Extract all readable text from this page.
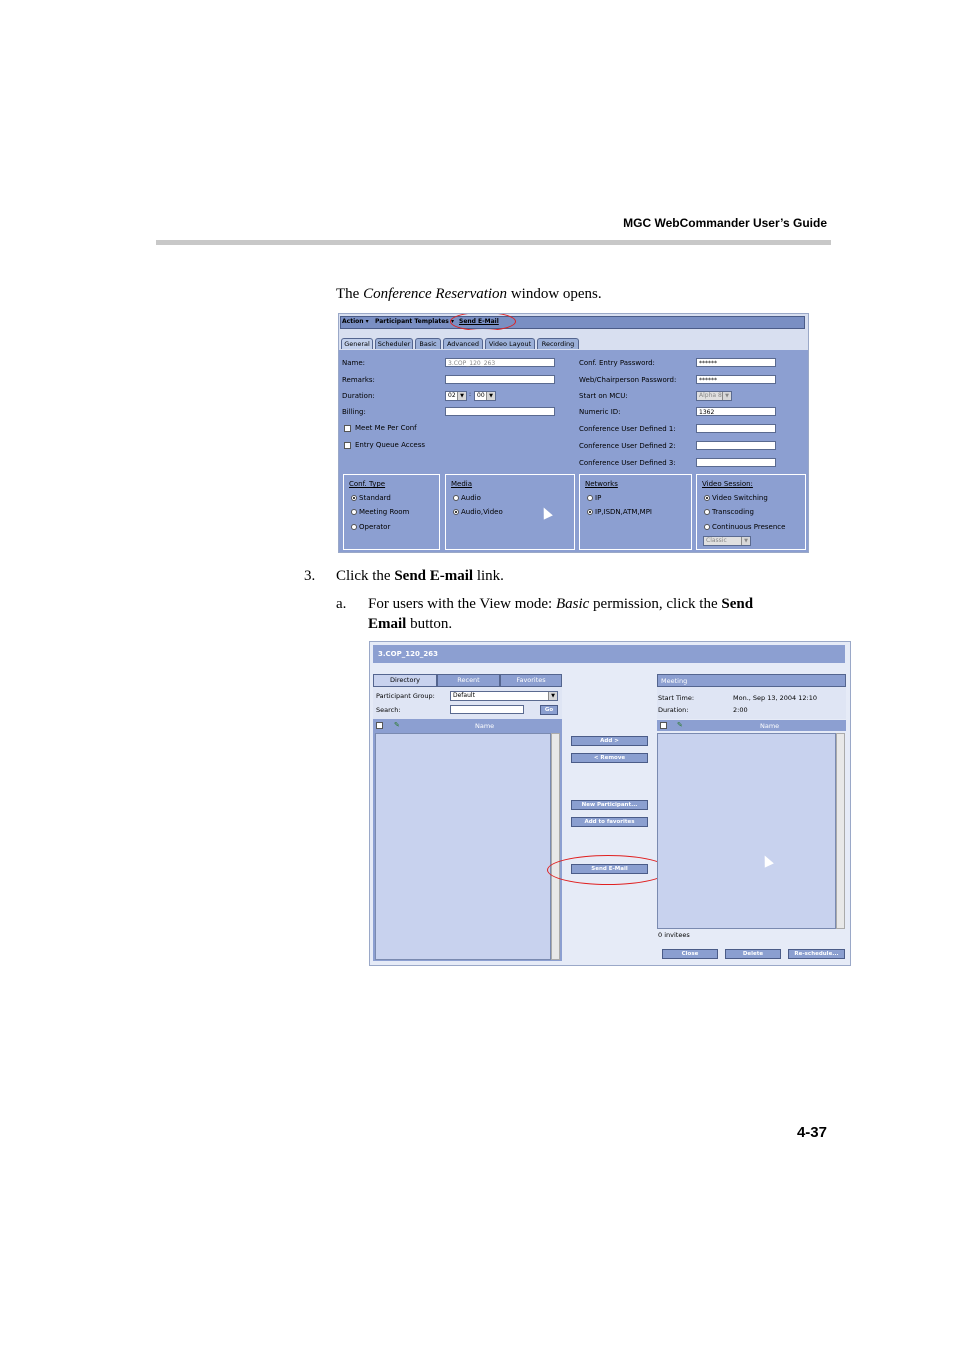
MGC WebCommander User’s Guide
The Conference Reservation window opens.
Action ▾ Participant Templates ▾ Send E-Mail
General	Scheduler	Basic	Advanced	Video Layout	Recording
Name:	3.COP_120_263
Remarks:
Duration:	02 ▼ : 00 ▼
Billing:
Meet Me Per Conf
Entry Queue Access
Conf. Entry Password:	******
Web/Chairperson Password:	******
Start on MCU:	Alpha 8 ▼
Numeric ID:	1362
Conference User Defined 1:
Conference User Defined 2:
Conference User Defined 3:
Conf. Type
Standard
Meeting Room
Operator
Media
Audio
Audio,Video
Networks
IP
IP,ISDN,ATM,MPI
Video Session:
Video Switching
Transcoding
Continuous Presence
Classic	▼
3. Click the Send E-mail link.
a. For users with the View mode: Basic permission, click the Send
Email button.
3.COP_120_263
Directory	Recent	Favorites
Participant Group:	Default	▼
Search:	Go
✎	Name
Add >
< Remove
New Participant...
Add to favorites
Send E-Mail
Meeting
Start Time:	Mon., Sep 13, 2004 12:10
Duration:	2:00
✎	Name
0 invitees
Close	Delete	Re-schedule...
4-37
